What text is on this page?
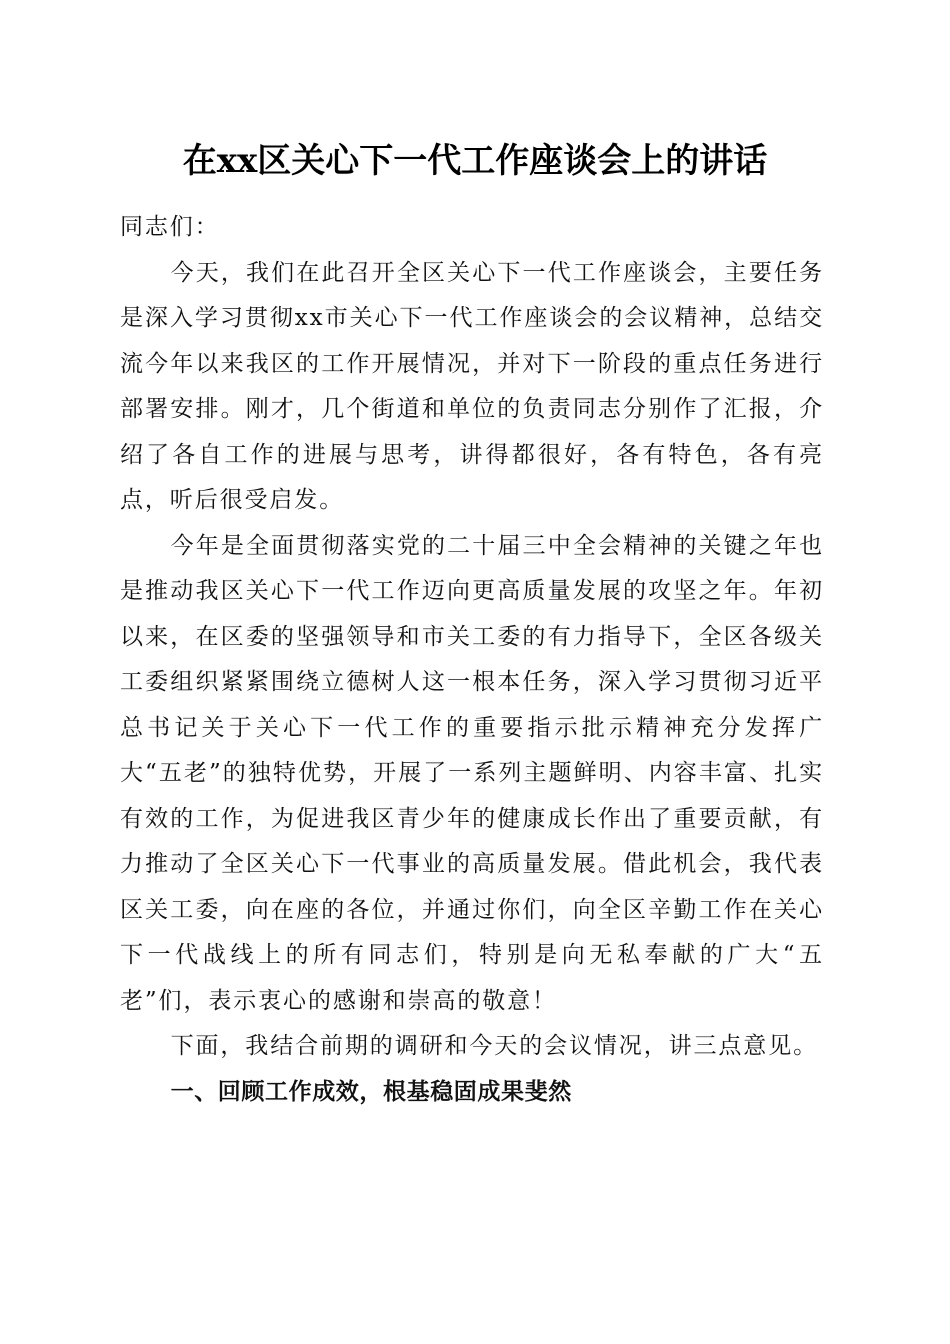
在xx区关心下一代工作座谈会上的讲话

同志们：

今天，我们在此召开全区关心下一代工作座谈会，主要任务是深入学习贯彻xx市关心下一代工作座谈会的会议精神，总结交流今年以来我区的工作开展情况，并对下一阶段的重点任务进行部署安排。刚才，几个街道和单位的负责同志分别作了汇报，介绍了各自工作的进展与思考，讲得都很好，各有特色，各有亮点，听后很受启发。

今年是全面贯彻落实党的二十届三中全会精神的关键之年也是推动我区关心下一代工作迈向更高质量发展的攻坚之年。年初以来，在区委的坚强领导和市关工委的有力指导下，全区各级关工委组织紧紧围绕立德树人这一根本任务，深入学习贯彻习近平总书记关于关心下一代工作的重要指示批示精神充分发挥广大“五老”的独特优势，开展了一系列主题鲜明、内容丰富、扎实有效的工作，为促进我区青少年的健康成长作出了重要贡献，有力推动了全区关心下一代事业的高质量发展。借此机会，我代表区关工委，向在座的各位，并通过你们，向全区辛勤工作在关心下一代战线上的所有同志们，特别是向无私奉献的广大“五老”们，表示衷心的感谢和崇高的敬意！

下面，我结合前期的调研和今天的会议情况，讲三点意见。

一、回顾工作成效，根基稳固成果斐然
